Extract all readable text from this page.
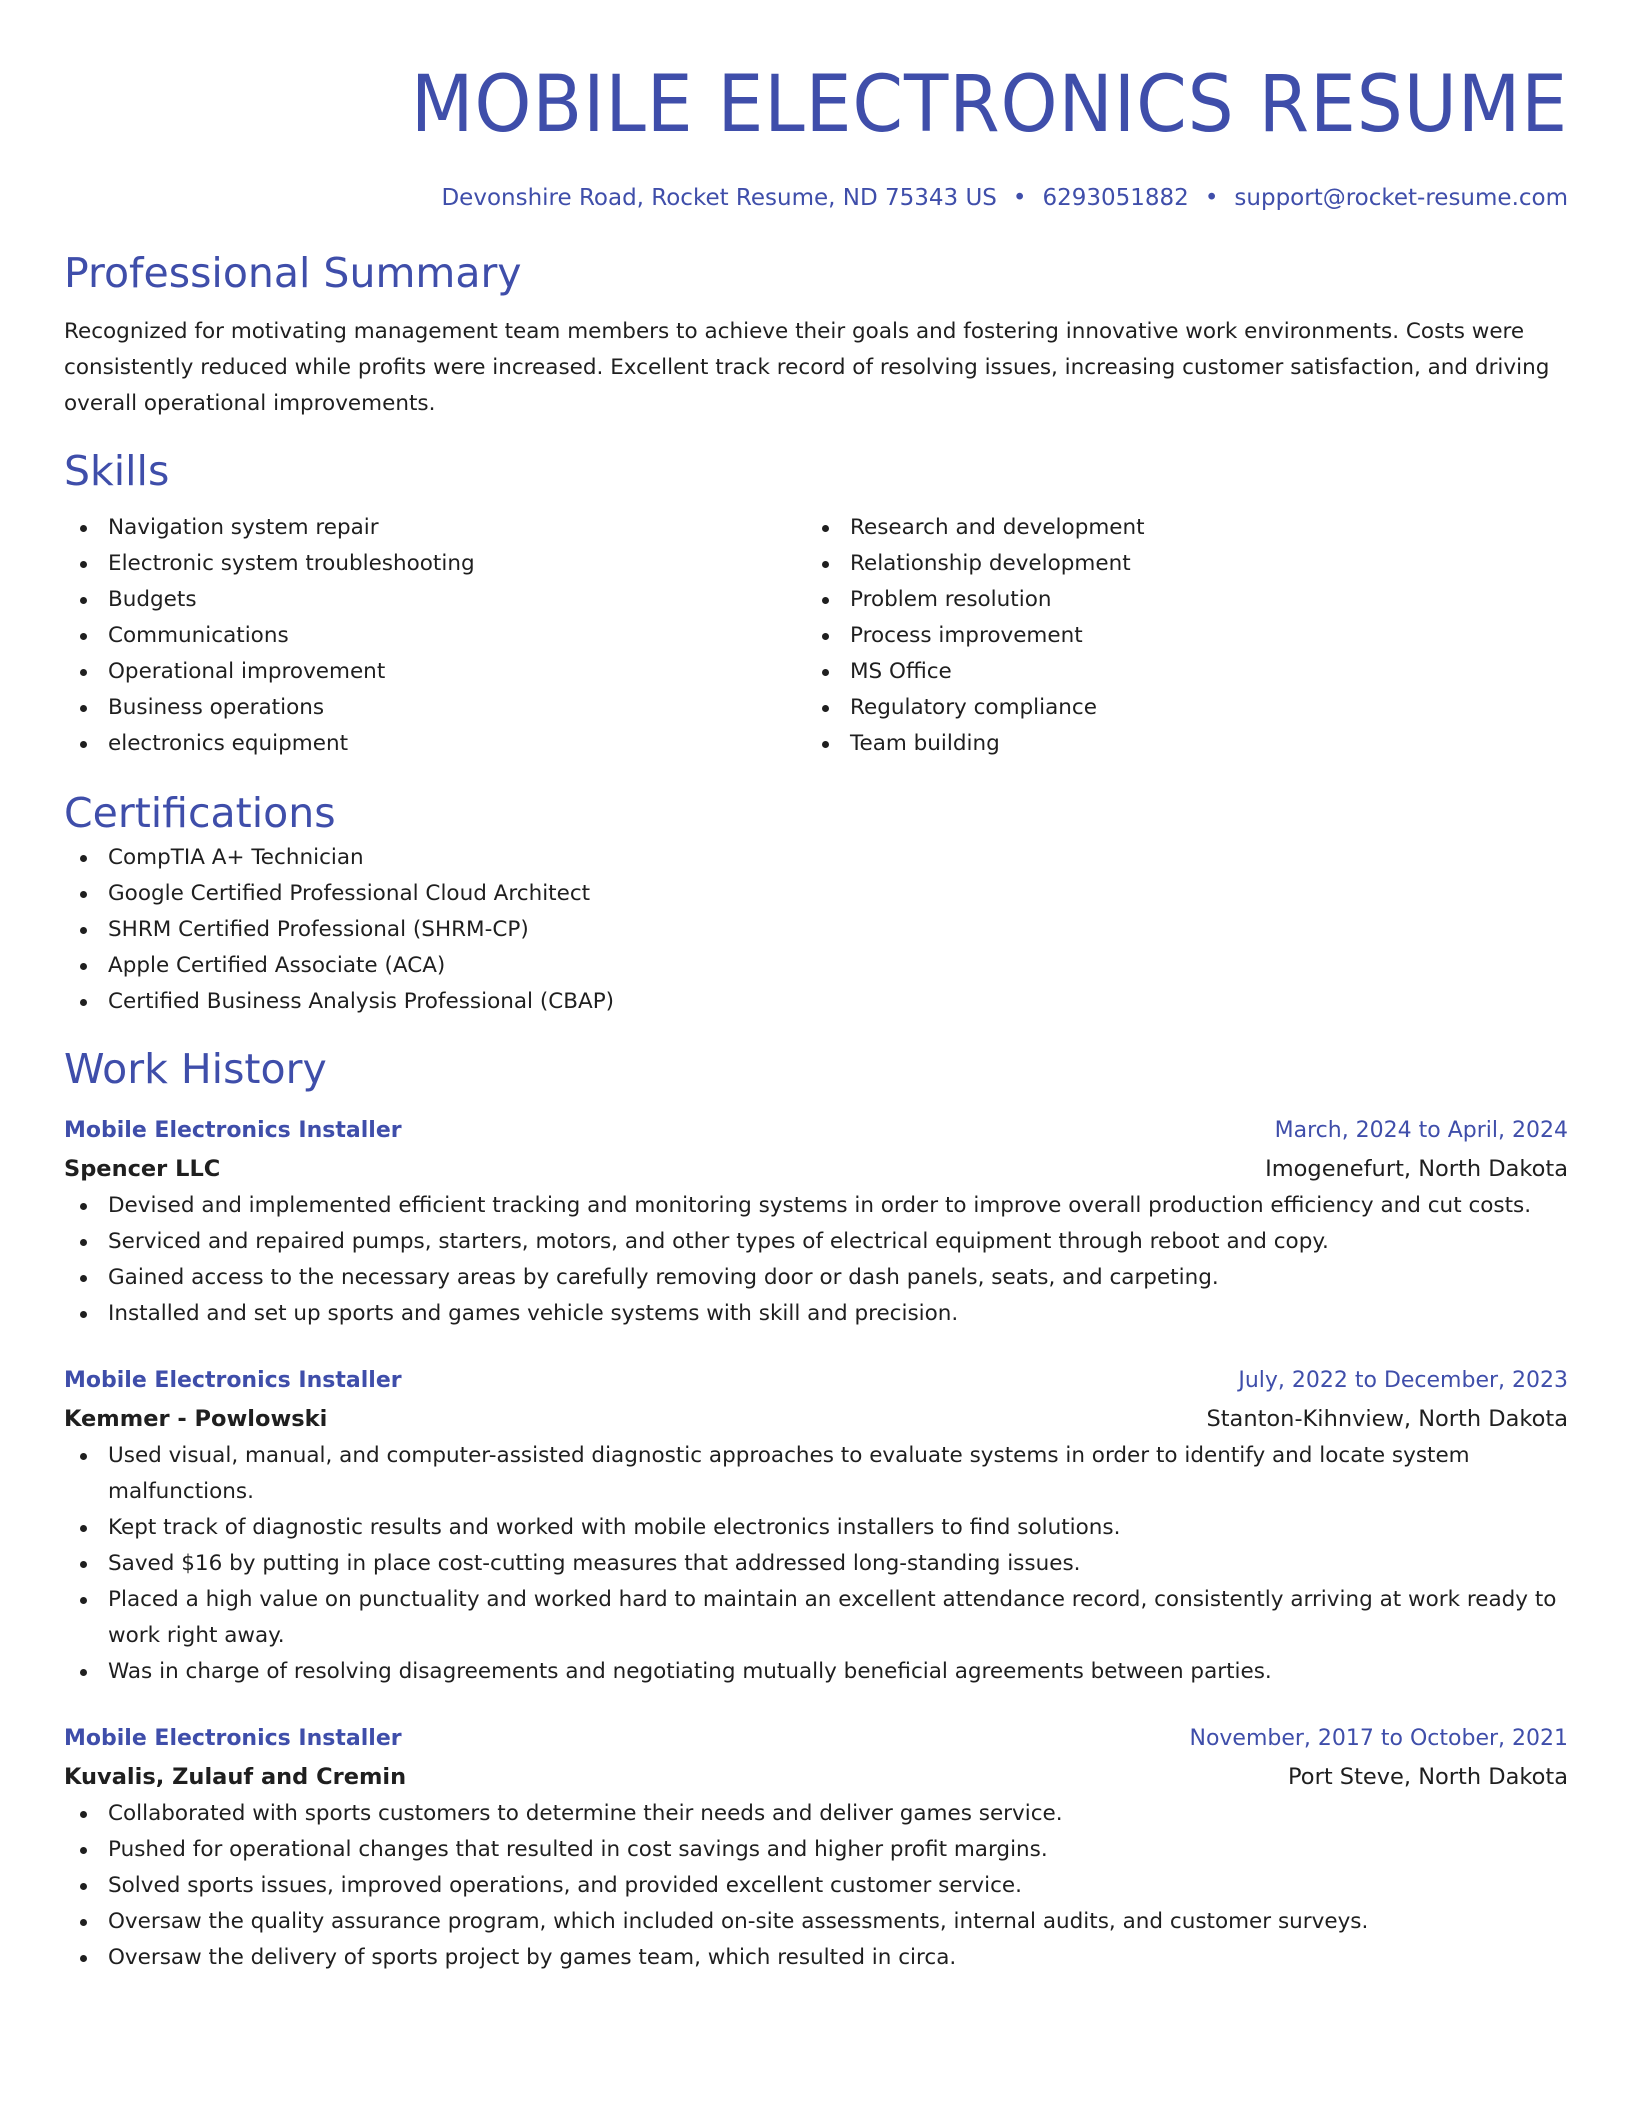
MOBILE ELECTRONICS RESUME
Devonshire Road, Rocket Resume, ND 75343 US • 6293051882 • support@rocket-resume.com
Professional Summary
Recognized for motivating management team members to achieve their goals and fostering innovative work environments. Costs were consistently reduced while profits were increased. Excellent track record of resolving issues, increasing customer satisfaction, and driving overall operational improvements.
Skills
Navigation system repair
Electronic system troubleshooting
Budgets
Communications
Operational improvement
Business operations
electronics equipment
Research and development
Relationship development
Problem resolution
Process improvement
MS Office
Regulatory compliance
Team building
Certifications
CompTIA A+ Technician
Google Certified Professional Cloud Architect
SHRM Certified Professional (SHRM-CP)
Apple Certified Associate (ACA)
Certified Business Analysis Professional (CBAP)
Work History
Mobile Electronics Installer	March, 2024 to April, 2024
Spencer LLC	Imogenefurt, North Dakota
Devised and implemented efficient tracking and monitoring systems in order to improve overall production efficiency and cut costs.
Serviced and repaired pumps, starters, motors, and other types of electrical equipment through reboot and copy.
Gained access to the necessary areas by carefully removing door or dash panels, seats, and carpeting.
Installed and set up sports and games vehicle systems with skill and precision.
Mobile Electronics Installer	July, 2022 to December, 2023
Kemmer - Powlowski	Stanton-Kihnview, North Dakota
Used visual, manual, and computer-assisted diagnostic approaches to evaluate systems in order to identify and locate system malfunctions.
Kept track of diagnostic results and worked with mobile electronics installers to find solutions.
Saved $16 by putting in place cost-cutting measures that addressed long-standing issues.
Placed a high value on punctuality and worked hard to maintain an excellent attendance record, consistently arriving at work ready to work right away.
Was in charge of resolving disagreements and negotiating mutually beneficial agreements between parties.
Mobile Electronics Installer	November, 2017 to October, 2021
Kuvalis, Zulauf and Cremin	Port Steve, North Dakota
Collaborated with sports customers to determine their needs and deliver games service.
Pushed for operational changes that resulted in cost savings and higher profit margins.
Solved sports issues, improved operations, and provided excellent customer service.
Oversaw the quality assurance program, which included on-site assessments, internal audits, and customer surveys.
Oversaw the delivery of sports project by games team, which resulted in circa.
